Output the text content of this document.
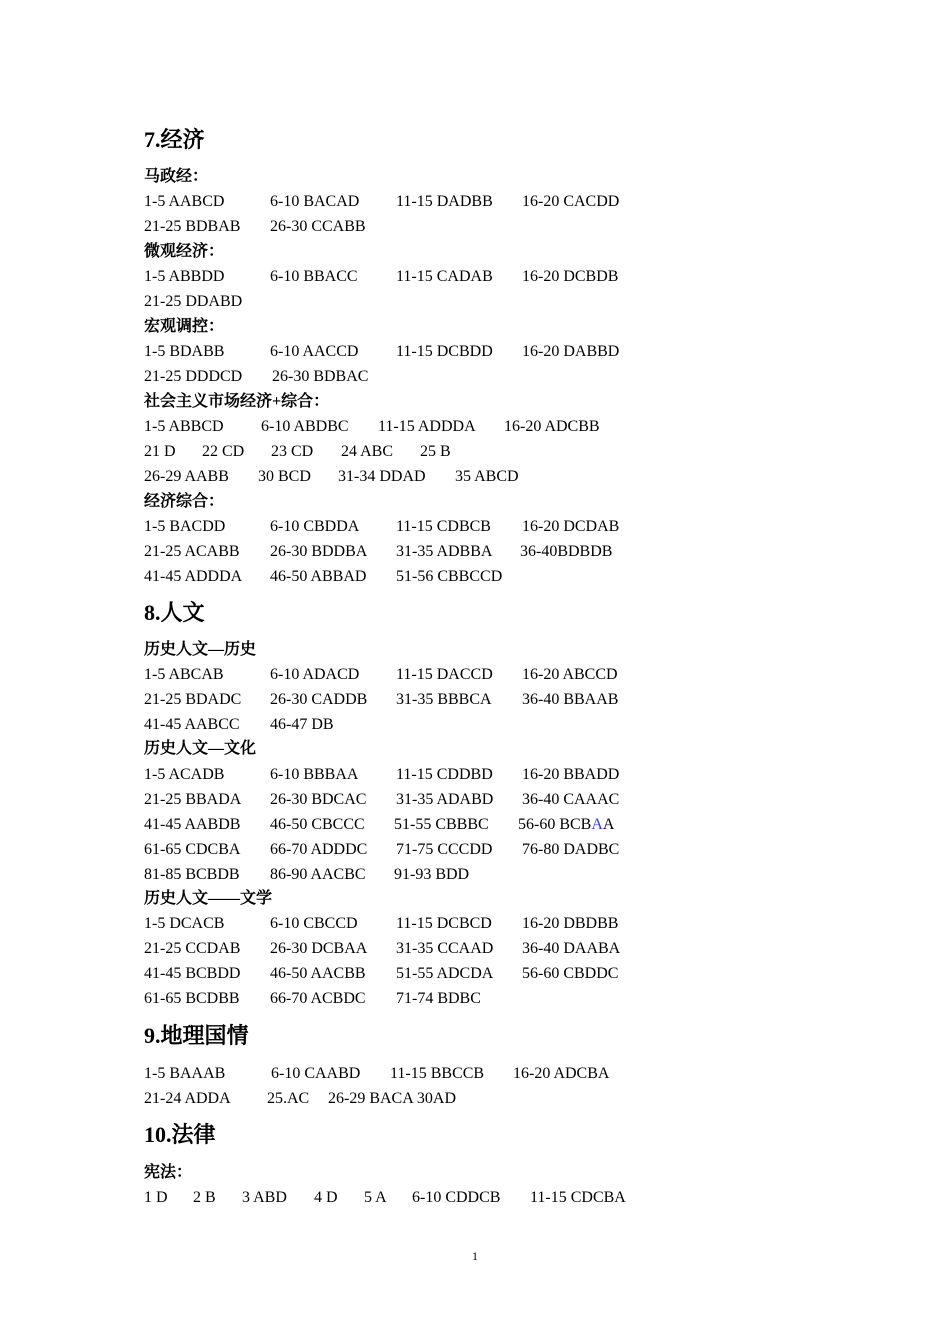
7.经济
马政经：
1-5 AABCD	6-10 BACAD 11-15 DADBB 16-20 CACDD
21-25 BDBAB 26-30 CCABB
微观经济：
1-5 ABBDD	6-10 BBACC 11-15 CADAB 16-20 DCBDB
21-25 DDABD
宏观调控：
1-5 BDABB	6-10 AACCD 11-15 DCBDD 16-20 DABBD
21-25 DDDCD 26-30 BDBAC
社会主义市场经济+综合：
1-5 ABBCD 6-10 ABDBC 11-15 ADDDA 16-20 ADCBB
21 D 22 CD 23 CD 24 ABC 25 B
26-29 AABB 30 BCD 31-34 DDAD 35 ABCD
经济综合：
1-5 BACDD	6-10 CBDDA 11-15 CDBCB 16-20 DCDAB
21-25 ACABB 26-30 BDDBA 31-35 ADBBA 36-40BDBDB
41-45 ADDDA 46-50 ABBAD 51-56 CBBCCD
8.人文
历史人文—历史
1-5 ABCAB	6-10 ADACD 11-15 DACCD 16-20 ABCCD
21-25 BDADC 26-30 CADDB 31-35 BBBCA 36-40 BBAAB
41-45 AABCC 46-47 DB
历史人文—文化
1-5 ACADB	6-10 BBBAA 11-15 CDDBD 16-20 BBADD
21-25 BBADA 26-30 BDCAC 31-35 ADABD 36-40 CAAAC
41-45 AABDB 46-50 CBCCC 51-55 CBBBC 56-60 BCBAA
61-65 CDCBA 66-70 ADDDC 71-75 CCCDD 76-80 DADBC
81-85 BCBDB 86-90 AACBC 91-93 BDD
历史人文——文学
1-5 DCACB	6-10 CBCCD 11-15 DCBCD 16-20 DBDBB
21-25 CCDAB 26-30 DCBAA 31-35 CCAAD 36-40 DAABA
41-45 BCBDD 46-50 AACBB 51-55 ADCDA 56-60 CBDDC
61-65 BCDBB 66-70 ACBDC 71-74 BDBC
9.地理国情
1-5 BAAAB	6-10 CAABD 11-15 BBCCB 16-20 ADCBA
21-24 ADDA 25.AC 26-29 BACA 30AD
10.法律
宪法：
1 D 2 B 3 ABD 4 D 5 A 6-10 CDDCB 11-15 CDCBA
1
